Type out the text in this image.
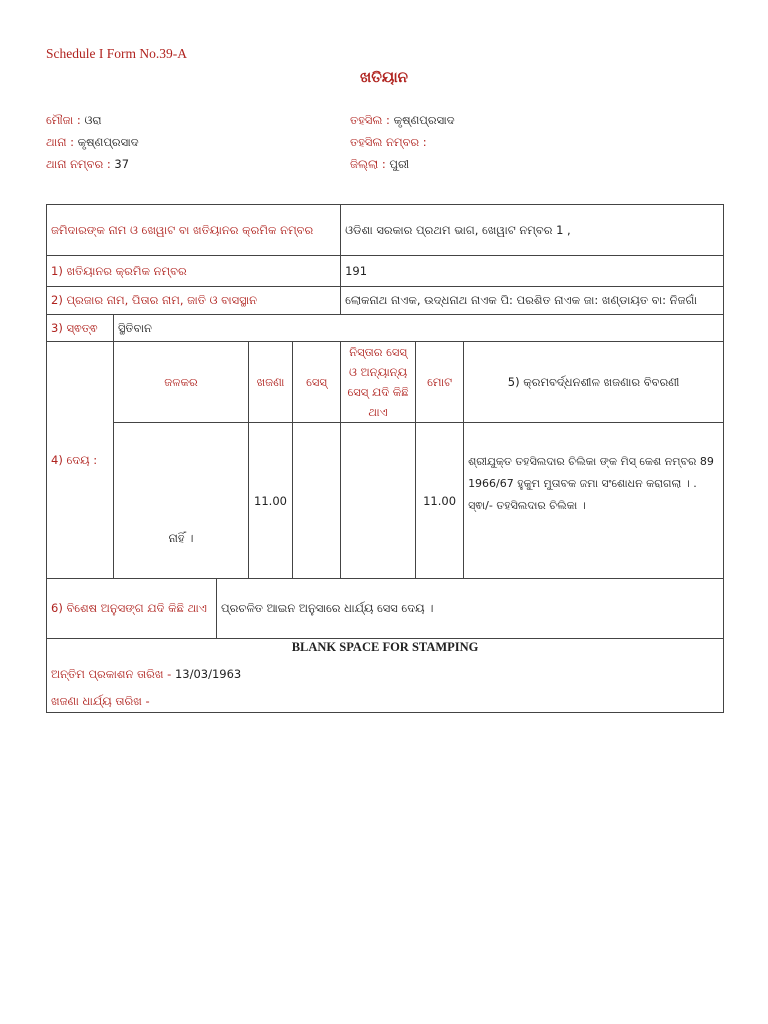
Schedule I Form No.39-A
ଖତିୟାନ
ମୌଜା : ଓରା
ଥାନା : କୃଷ୍ଣପ୍ରସାଦ
ଥାନା ନମ୍ବର : 37
ତହସିଲ : କୃଷ୍ଣପ୍ରସାଦ
ତହସିଲ ନମ୍ବର :
ଜିଲ୍ଲା : ପୁରୀ
ଜମିଦାରଙ୍କ ନାମ ଓ ଖେୱାଟ ବା ଖତିୟାନର କ୍ରମିକ ନମ୍ବର					ଓଡିଶା ସରକାର ପ୍ରଥମ ଭାଗ, ଖେୱାଟ ନମ୍ବର 1 ,		
1) ଖତିୟାନର କ୍ରମିକ ନମ୍ବର					191		
2) ପ୍ରଜାର ନାମ, ପିତାର ନାମ, ଜାତି ଓ ବାସସ୍ଥାନ					ଲୋକନାଥ ନାଏକ, ଉଦ୍ଧନାଥ ନାଏକ ପି: ପରଶିତ ନାଏକ ଜା: ଖଣ୍ଡାୟତ ବା: ନିଜଗାଁ		
3) ସ୍ଵତ୍ଵ	ସ୍ଥିତିବାନ						
4) ଦେୟ :	ଜଳକର		ଖଜଣା	ସେସ୍	ନିସ୍ତାର ସେସ୍ ଓ ଅନ୍ୟାନ୍ୟ ସେସ୍ ଯଦି କିଛି ଥାଏ	ମୋଟ	5) କ୍ରମବର୍ଦ୍ଧନଶୀଳ ଖଜଣାର ବିବରଣୀ
	ନାହିଁ ।		11.00			11.00	ଶ୍ରୀଯୁକ୍ତ ତହସିଲଦାର ଚିଲିକା ଙ୍କ ମିସ୍ କେଶ ନମ୍ବର 89 1966/67 ହୁକୁମ ମୁତାବକ ଜମା ସଂଶୋଧନ କରାଗଲା । . ସ୍ଵା/- ତହସିଲଦାର ଚିଲିକା ।
6) ବିଶେଷ ଅନୁସଙ୍ଗ ଯଦି କିଛି ଥାଏ		ପ୍ରଚଳିତ ଆଇନ ଅନୁସାରେ ଧାର୍ଯ୍ୟ ସେସ ଦେୟ ।					

BLANK SPACE FOR STAMPING
ଅନ୍ତିମ ପ୍ରକାଶନ ତାରିଖ - 13/03/1963
ଖଜଣା ଧାର୍ଯ୍ୟ ତାରିଖ -							
